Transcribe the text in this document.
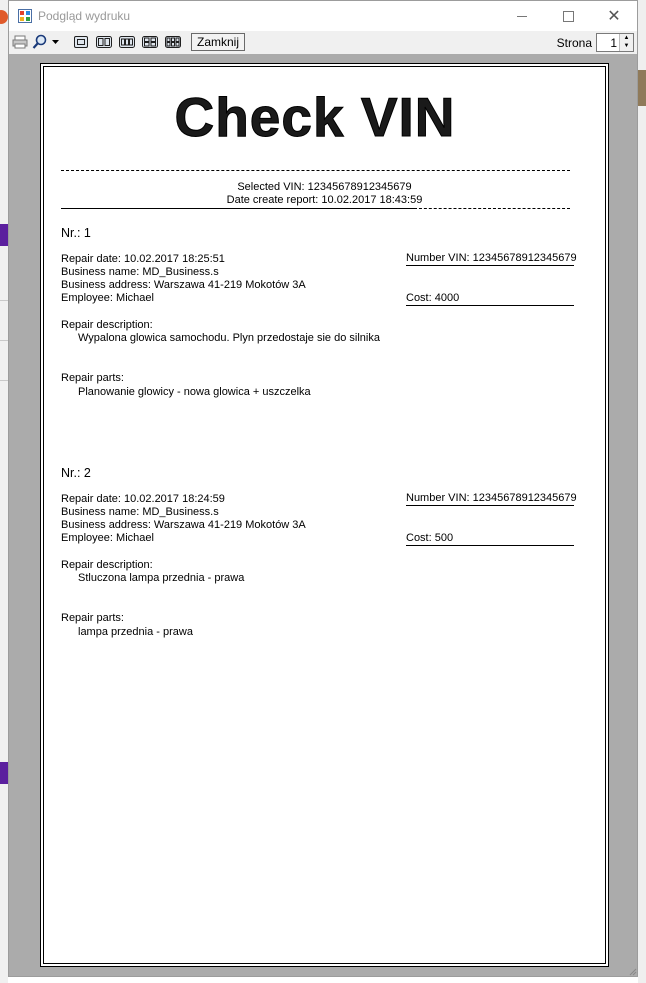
Podgląd wydruku	✕
Zamknij	Strona 1	▲
▼
Check VIN
Selected VIN: 12345678912345679
Date create report: 10.02.2017 18:43:59
Nr.: 1
Repair date: 10.02.2017 18:25:51
Business name: MD_Business.s
Business address: Warszawa 41-219 Mokotów 3A
Employee: Michael
Number VIN: 12345678912345679
Cost: 4000
Repair description:
Wypalona glowica samochodu. Plyn przedostaje sie do silnika
Repair parts:
Planowanie glowicy - nowa glowica + uszczelka
Nr.: 2
Repair date: 10.02.2017 18:24:59
Business name: MD_Business.s
Business address: Warszawa 41-219 Mokotów 3A
Employee: Michael
Number VIN: 12345678912345679
Cost: 500
Repair description:
Stluczona lampa przednia - prawa
Repair parts:
lampa przednia - prawa
